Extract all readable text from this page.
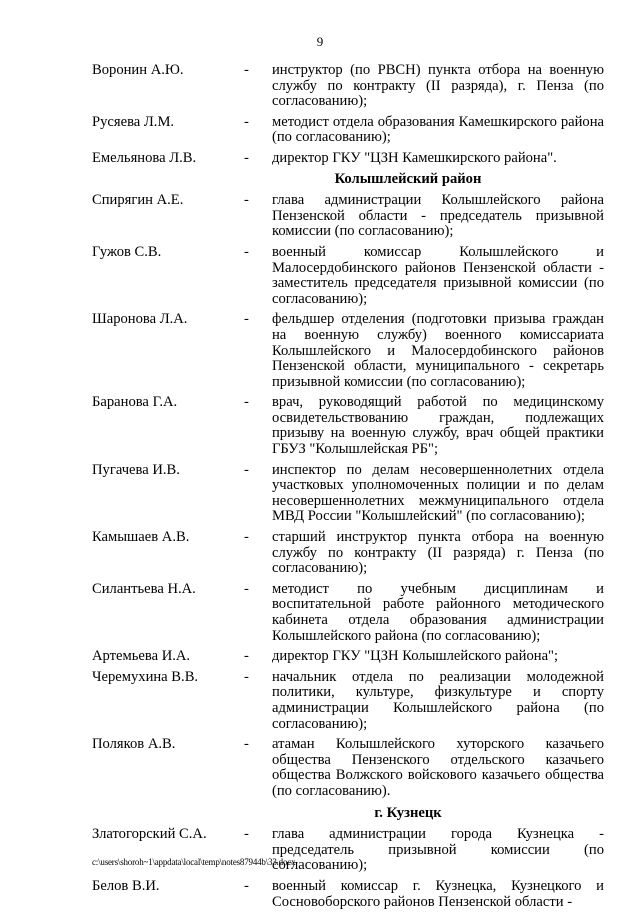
9
Воронин А.Ю.	-	инструктор (по РВСН) пункта отбора на военную службу по контракту (II разряда), г. Пенза (по согласованию);
Русяева Л.М.	-	методист отдела образования Камешкирского района (по согласованию);
Емельянова Л.В.	-	директор ГКУ "ЦЗН Камешкирского района".
Колышлейский район
Спирягин А.Е.	-	глава администрации Колышлейского района Пензенской области - председатель призывной комиссии (по согласованию);
Гужов С.В.	-	военный комиссар Колышлейского и Малосердобинского районов Пензенской области - заместитель председателя призывной комиссии (по согласованию);
Шаронова Л.А.	-	фельдшер отделения (подготовки призыва граждан на военную службу) военного комиссариата Колышлейского и Малосердобинского районов Пензенской области, муниципального - секретарь призывной комиссии (по согласованию);
Баранова Г.А.	-	врач, руководящий работой по медицинскому освидетельствованию граждан, подлежащих призыву на военную службу, врач общей практики ГБУЗ "Колышлейская РБ";
Пугачева И.В.	-	инспектор по делам несовершеннолетних отдела участковых уполномоченных полиции и по делам несовершеннолетних межмуниципального отдела МВД России "Колышлейский" (по согласованию);
Камышаев А.В.	-	старший инструктор пункта отбора на военную службу по контракту (II разряда) г. Пенза (по согласованию);
Силантьева Н.А.	-	методист по учебным дисциплинам и воспитательной работе районного методического кабинета отдела образования администрации Колышлейского района (по согласованию);
Артемьева И.А.	-	директор ГКУ "ЦЗН Колышлейского района";
Черемухина В.В.	-	начальник отдела по реализации молодежной политики, культуре, физкультуре и спорту администрации Колышлейского района (по согласованию);
Поляков А.В.	-	атаман Колышлейского хуторского казачьего общества Пензенского отдельского казачьего общества Волжского войскового казачьего общества (по согласованию).
г. Кузнецк
Златогорский С.А.	-	глава администрации города Кузнецка - председатель призывной комиссии (по согласованию);
Белов В.И.	-	военный комиссар г. Кузнецка, Кузнецкого и Сосновоборского районов Пензенской области -
c:\users\shoroh~1\appdata\local\temp\notes87944b\33.docx
